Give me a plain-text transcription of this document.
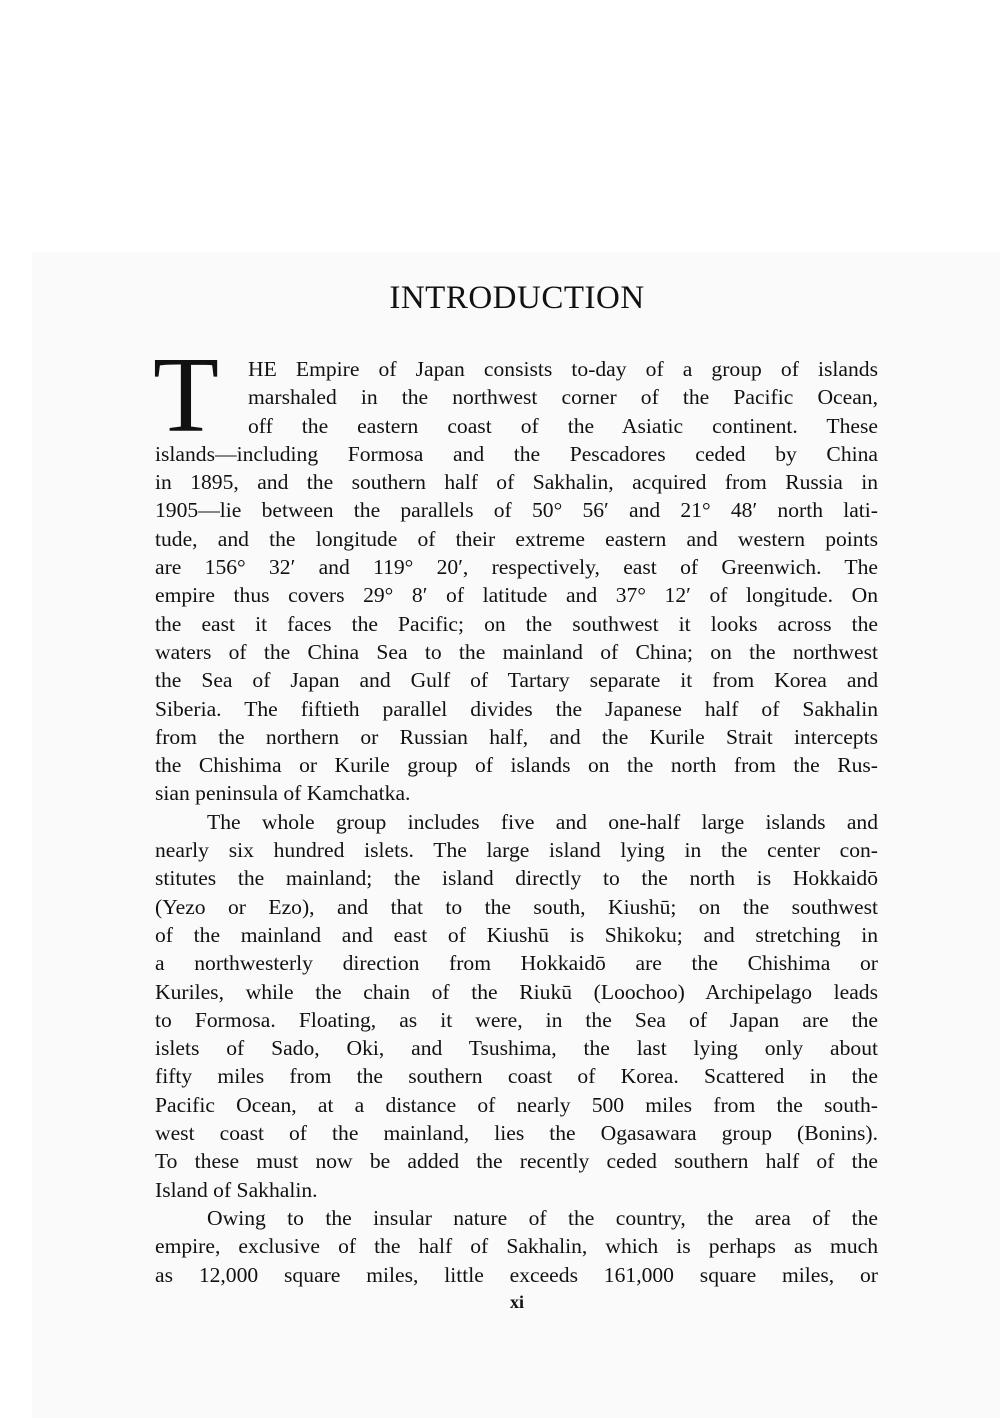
INTRODUCTION
T	HE Empire of Japan consists to-day of a group of islands
marshaled in the northwest corner of the Pacific Ocean,
off the eastern coast of the Asiatic continent. These
islands—including Formosa and the Pescadores ceded by China
in 1895, and the southern half of Sakhalin, acquired from Russia in
1905—lie between the parallels of 50° 56′ and 21° 48′ north lati-
tude, and the longitude of their extreme eastern and western points
are 156° 32′ and 119° 20′, respectively, east of Greenwich. The
empire thus covers 29° 8′ of latitude and 37° 12′ of longitude. On
the east it faces the Pacific; on the southwest it looks across the
waters of the China Sea to the mainland of China; on the northwest
the Sea of Japan and Gulf of Tartary separate it from Korea and
Siberia. The fiftieth parallel divides the Japanese half of Sakhalin
from the northern or Russian half, and the Kurile Strait intercepts
the Chishima or Kurile group of islands on the north from the Rus-
sian peninsula of Kamchatka.
The whole group includes five and one-half large islands and
nearly six hundred islets. The large island lying in the center con-
stitutes the mainland; the island directly to the north is Hokkaidō
(Yezo or Ezo), and that to the south, Kiushū; on the southwest
of the mainland and east of Kiushū is Shikoku; and stretching in
a northwesterly direction from Hokkaidō are the Chishima or
Kuriles, while the chain of the Riukū (Loochoo) Archipelago leads
to Formosa. Floating, as it were, in the Sea of Japan are the
islets of Sado, Oki, and Tsushima, the last lying only about
fifty miles from the southern coast of Korea. Scattered in the
Pacific Ocean, at a distance of nearly 500 miles from the south-
west coast of the mainland, lies the Ogasawara group (Bonins).
To these must now be added the recently ceded southern half of the
Island of Sakhalin.
Owing to the insular nature of the country, the area of the
empire, exclusive of the half of Sakhalin, which is perhaps as much
as 12,000 square miles, little exceeds 161,000 square miles, or
xi
